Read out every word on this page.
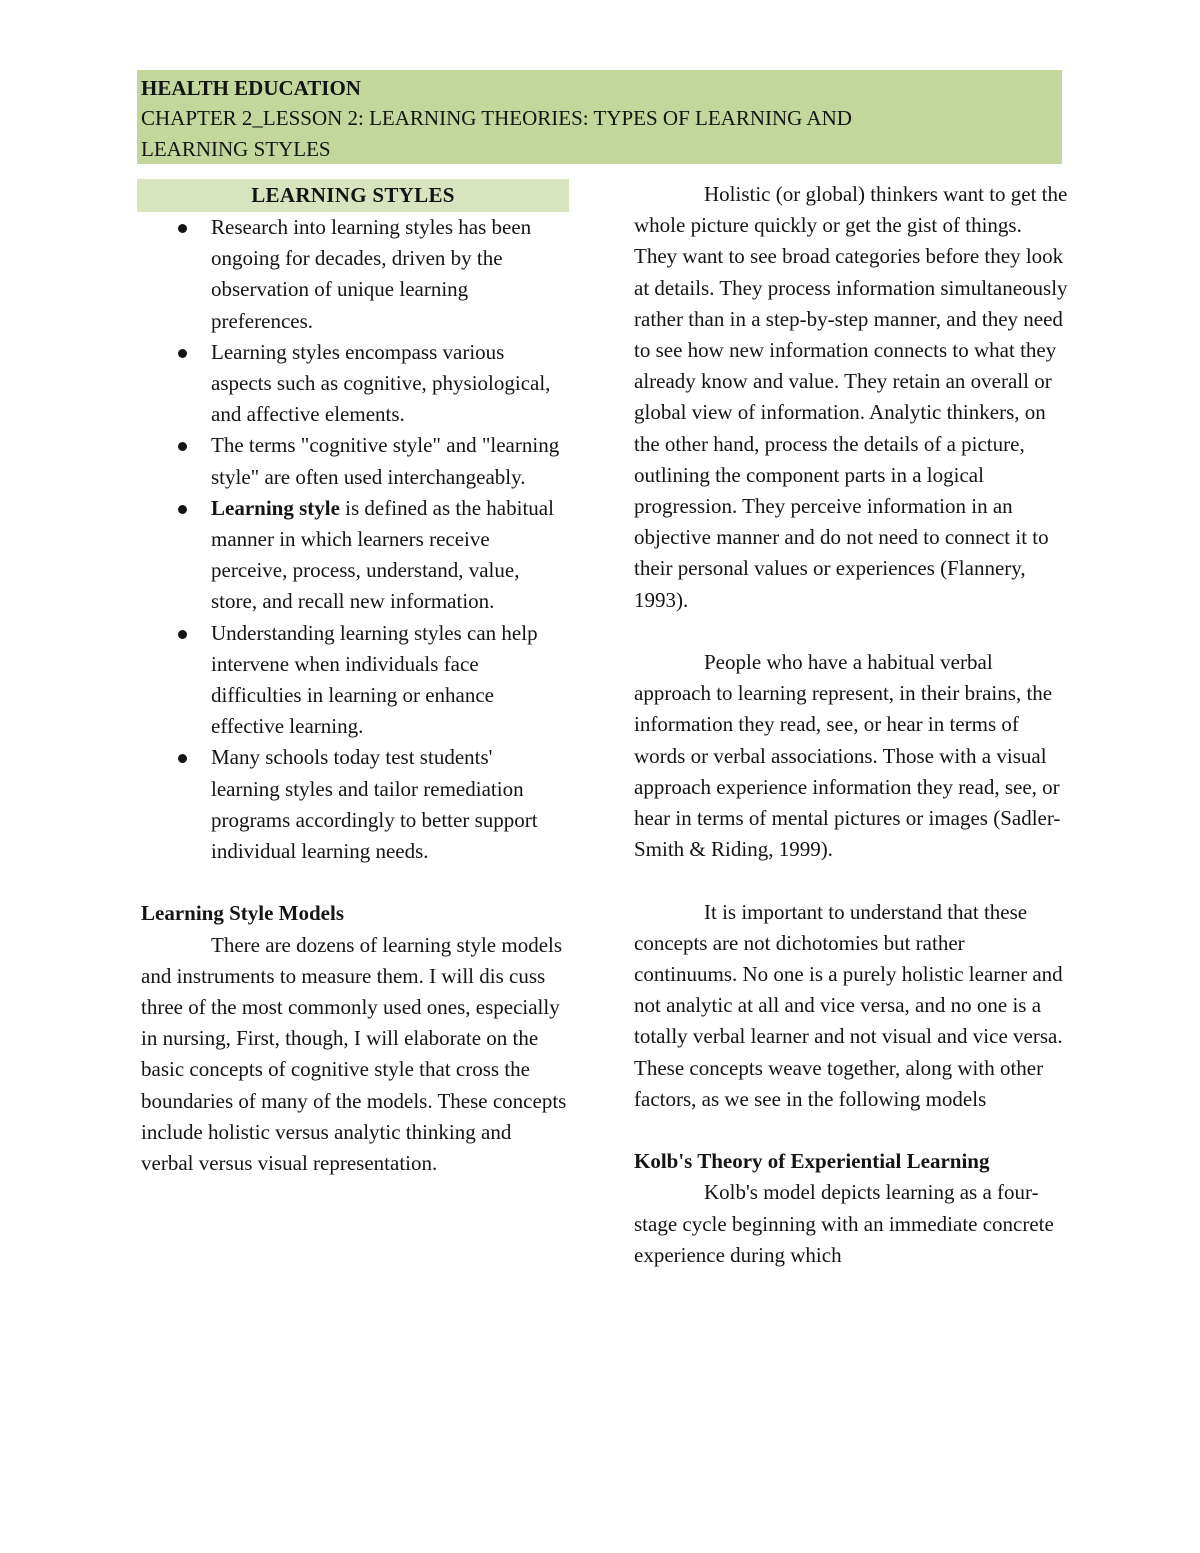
HEALTH EDUCATION
CHAPTER 2_LESSON 2: LEARNING THEORIES: TYPES OF LEARNING AND LEARNING STYLES
LEARNING STYLES
Research into learning styles has been ongoing for decades, driven by the observation of unique learning preferences.
Learning styles encompass various aspects such as cognitive, physiological, and affective elements.
The terms "cognitive style" and "learning style" are often used interchangeably.
Learning style is defined as the habitual manner in which learners receive perceive, process, understand, value, store, and recall new information.
Understanding learning styles can help intervene when individuals face difficulties in learning or enhance effective learning.
Many schools today test students' learning styles and tailor remediation programs accordingly to better support individual learning needs.
Learning Style Models
There are dozens of learning style models and instruments to measure them. I will dis cuss three of the most commonly used ones, especially in nursing, First, though, I will elaborate on the basic concepts of cognitive style that cross the boundaries of many of the models. These concepts include holistic versus analytic thinking and verbal versus visual representation.
Holistic (or global) thinkers want to get the whole picture quickly or get the gist of things. They want to see broad categories before they look at details. They process information simultaneously rather than in a step-by-step manner, and they need to see how new information connects to what they already know and value. They retain an overall or global view of information. Analytic thinkers, on the other hand, process the details of a picture, outlining the component parts in a logical progression. They perceive information in an objective manner and do not need to connect it to their personal values or experiences (Flannery, 1993).
People who have a habitual verbal approach to learning represent, in their brains, the information they read, see, or hear in terms of words or verbal associations. Those with a visual approach experience information they read, see, or hear in terms of mental pictures or images (Sadler-Smith & Riding, 1999).
It is important to understand that these concepts are not dichotomies but rather continuums. No one is a purely holistic learner and not analytic at all and vice versa, and no one is a totally verbal learner and not visual and vice versa. These concepts weave together, along with other factors, as we see in the following models
Kolb's Theory of Experiential Learning
Kolb's model depicts learning as a four-stage cycle beginning with an immediate concrete experience during which
